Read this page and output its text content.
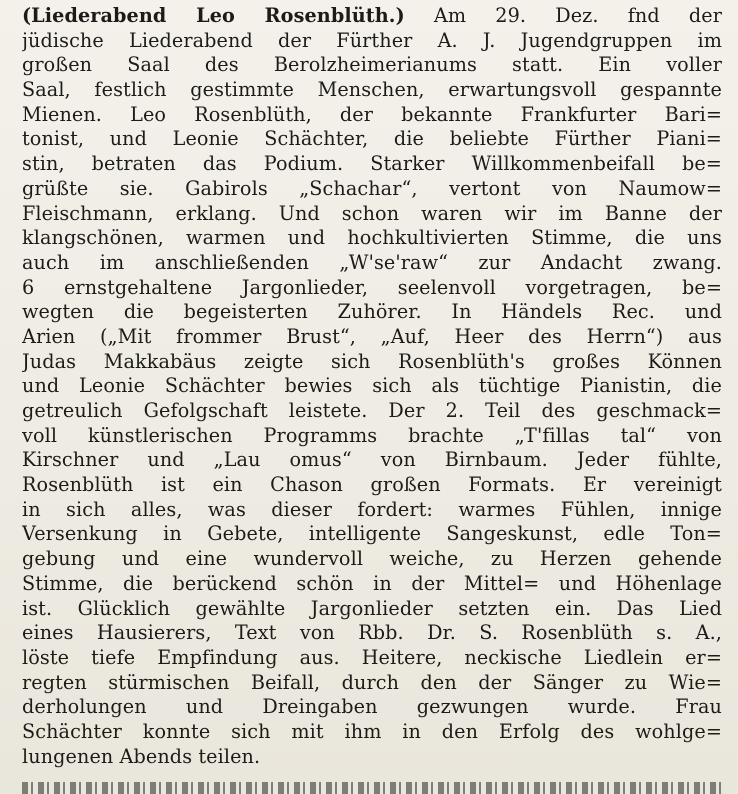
(Liederabend Leo Rosenblüth.) Am 29. Dez. fnd der
jüdische Liederabend der Fürther A. J. Jugendgruppen im
großen Saal des Berolzheimerianums statt. Ein voller
Saal, festlich gestimmte Menschen, erwartungsvoll gespannte
Mienen. Leo Rosenblüth, der bekannte Frankfurter Bari=
tonist, und Leonie Schächter, die beliebte Fürther Piani=
stin, betraten das Podium. Starker Willkommenbeifall be=
grüßte sie. Gabirols „Schachar“, vertont von Naumow=
Fleischmann, erklang. Und schon waren wir im Banne der
klangschönen, warmen und hochkultivierten Stimme, die uns
auch im anschließenden „W'se'raw“ zur Andacht zwang.
6 ernstgehaltene Jargonlieder, seelenvoll vorgetragen, be=
wegten die begeisterten Zuhörer. In Händels Rec. und
Arien („Mit frommer Brust“, „Auf, Heer des Herrn“) aus
Judas Makkabäus zeigte sich Rosenblüth's großes Können
und Leonie Schächter bewies sich als tüchtige Pianistin, die
getreulich Gefolgschaft leistete. Der 2. Teil des geschmack=
voll künstlerischen Programms brachte „T'fillas tal“ von
Kirschner und „Lau omus“ von Birnbaum. Jeder fühlte,
Rosenblüth ist ein Chason großen Formats. Er vereinigt
in sich alles, was dieser fordert: warmes Fühlen, innige
Versenkung in Gebete, intelligente Sangeskunst, edle Ton=
gebung und eine wundervoll weiche, zu Herzen gehende
Stimme, die berückend schön in der Mittel= und Höhenlage
ist. Glücklich gewählte Jargonlieder setzten ein. Das Lied
eines Hausierers, Text von Rbb. Dr. S. Rosenblüth s. A.,
löste tiefe Empfindung aus. Heitere, neckische Liedlein er=
regten stürmischen Beifall, durch den der Sänger zu Wie=
derholungen und Dreingaben gezwungen wurde. Frau
Schächter konnte sich mit ihm in den Erfolg des wohlge=
lungenen Abends teilen.
